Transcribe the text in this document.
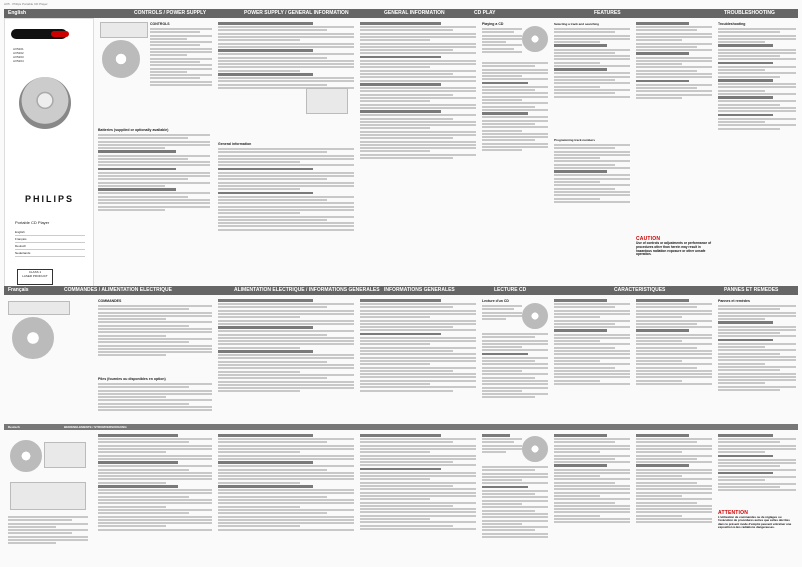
AX5 · Philips Portable CD Player
English	CONTROLS / POWER SUPPLY	POWER SUPPLY / GENERAL INFORMATION	GENERAL INFORMATION	CD PLAY	FEATURES	TROUBLESHOOTING
AX5201
AX5202
AX5203
AX5204
PHILIPS
Portable CD Player
English
Français
Deutsch
Nederlands
CLASS 1
LASER PRODUCT
CONTROLS
Batteries (supplied or optionally available)
General information
Playing a CD	Selecting a track and searching
Programming track numbers
CAUTION
Use of controls or adjustments or performance of procedures other than herein may result in hazardous radiation exposure or other unsafe operation.
Troubleshooting
Français	COMMANDES / ALIMENTATION ELECTRIQUE	ALIMENTATION ELECTRIQUE / INFORMATIONS GENERALES INFORMATIONS GENERALES	LECTURE CD	CARACTERISTIQUES	PANNES ET REMEDES
COMMANDES
Piles (fournies ou disponibles en option)
Lecture d'un CD	Pannes et remèdes
Deutsch	BEDIENELEMENTE / STROMVERSORGUNG
ATTENTION
L'utilisation de commandes ou de réglages ou l'exécution de procédures autres que celles décrites dans le présent mode d'emploi peuvent entraîner une exposition à des radiations dangereuses.
